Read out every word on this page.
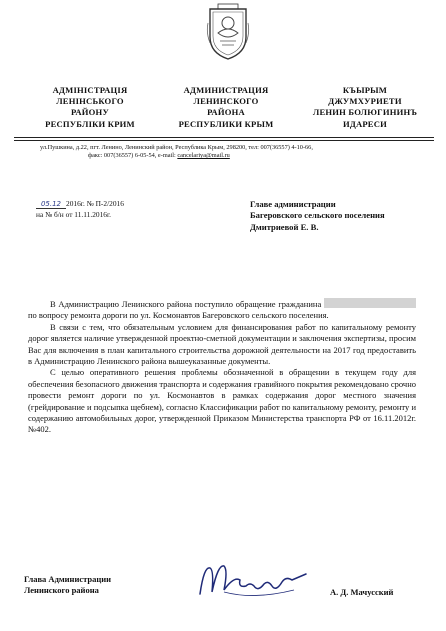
АДМІНІСТРАЦІЯ
ЛЕНІНСЬКОГО
РАЙОНУ
РЕСПУБЛІКИ КРИМ
АДМИНИСТРАЦИЯ
ЛЕНИНСКОГО
РАЙОНА
РЕСПУБЛИКИ КРЫМ
КЪЫРЫМ
ДЖУМХУРИЕТИ
ЛЕНИН БОЛЮГИНИНЪ
ИДАРЕСИ
ул.Пушкина, д.22, пгт. Ленино, Ленинский район, Республика Крым, 298200, тел: 007(36557) 4-10-66,
факс: 007(36557) 6-05-54, e-mail: cancelariya@mail.ru
05.12 2016г. № П-2/2016
на № б/н от 11.11.2016г.
Главе администрации
Багеровского сельского поселения
Дмитриевой Е. В.

В Администрацию Ленинского района поступило обращение гражданина  по вопросу ремонта дороги по ул. Космонавтов Багеровского сельского поселения.

В связи с тем, что обязательным условием для финансирования работ по капитальному ремонту дорог является наличие утвержденной проектно-сметной документации и заключения экспертизы, просим Вас для включения в план капитального строительства дорожной деятельности на 2017 год предоставить в Администрацию Ленинского района вышеуказанные документы.

С целью оперативного решения проблемы обозначенной в обращении в текущем году для обеспечения безопасного движения транспорта и содержания гравийного покрытия рекомендовано срочно провести ремонт дороги по ул. Космонавтов в рамках содержания дорог местного значения (грейдирование и подсыпка щебнем), согласно Классификации работ по капитальному ремонту, ремонту и содержанию автомобильных дорог, утвержденной Приказом Министерства транспорта РФ от 16.11.2012г. №402.

Глава Администрации
Ленинского района	А. Д. Мачусский
